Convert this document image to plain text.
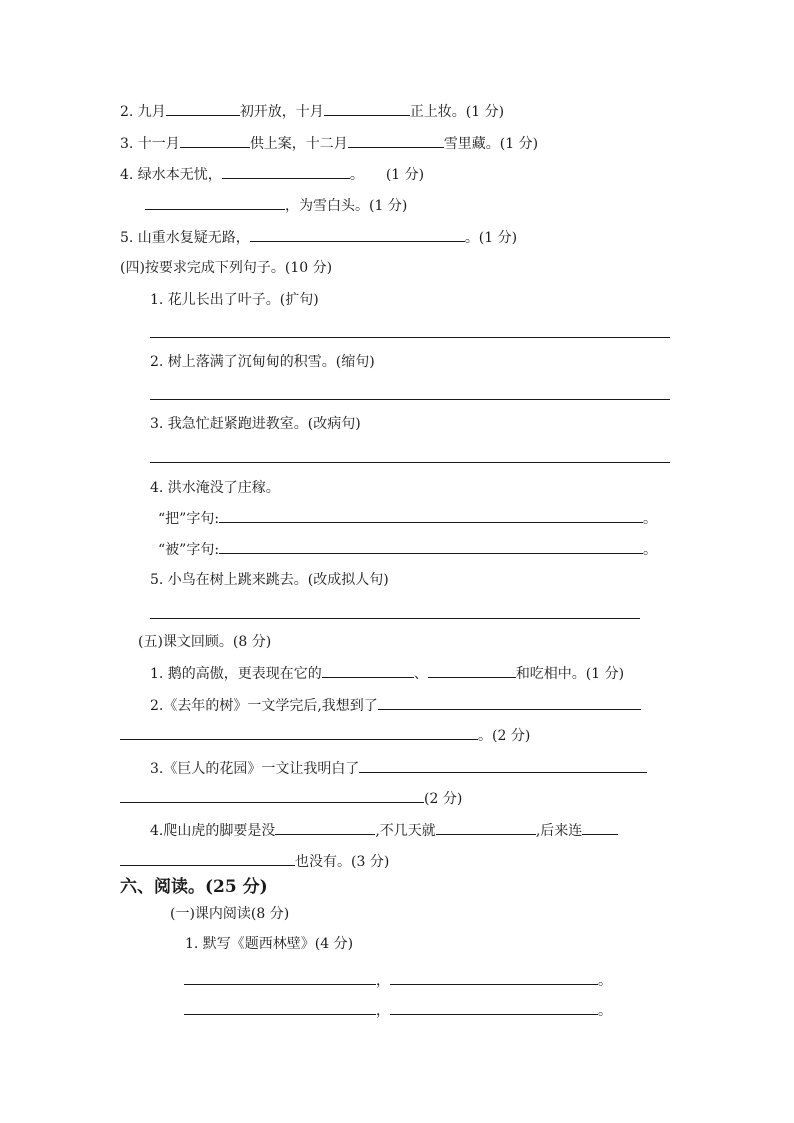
2. 九月	初开放，十月	正上妆。(1 分)
3. 十一月	供上案，十二月	雪里藏。(1 分)
4. 绿水本无忧，	。 (1 分)
，为雪白头。(1 分)
5. 山重水复疑无路，	。(1 分)
(四)按要求完成下列句子。(10 分)
1. 花儿长出了叶子。(扩句)
2. 树上落满了沉甸甸的积雪。(缩句)
3. 我急忙赶紧跑进教室。(改病句)
4. 洪水淹没了庄稼。
“把”字句:	。
“被”字句:	。
5. 小鸟在树上跳来跳去。(改成拟人句)
(五)课文回顾。(8 分)
1. 鹅的高傲，更表现在它的	、	和吃相中。(1 分)
2.《去年的树》一文学完后,我想到了
。(2 分)
3.《巨人的花园》一文让我明白了
(2 分)
4.爬山虎的脚要是没	,不几天就	,后来连
也没有。(3 分)
六、阅读。(25 分)
(一)课内阅读(8 分)
1. 默写《题西林壁》(4 分)
，	。
，	。
